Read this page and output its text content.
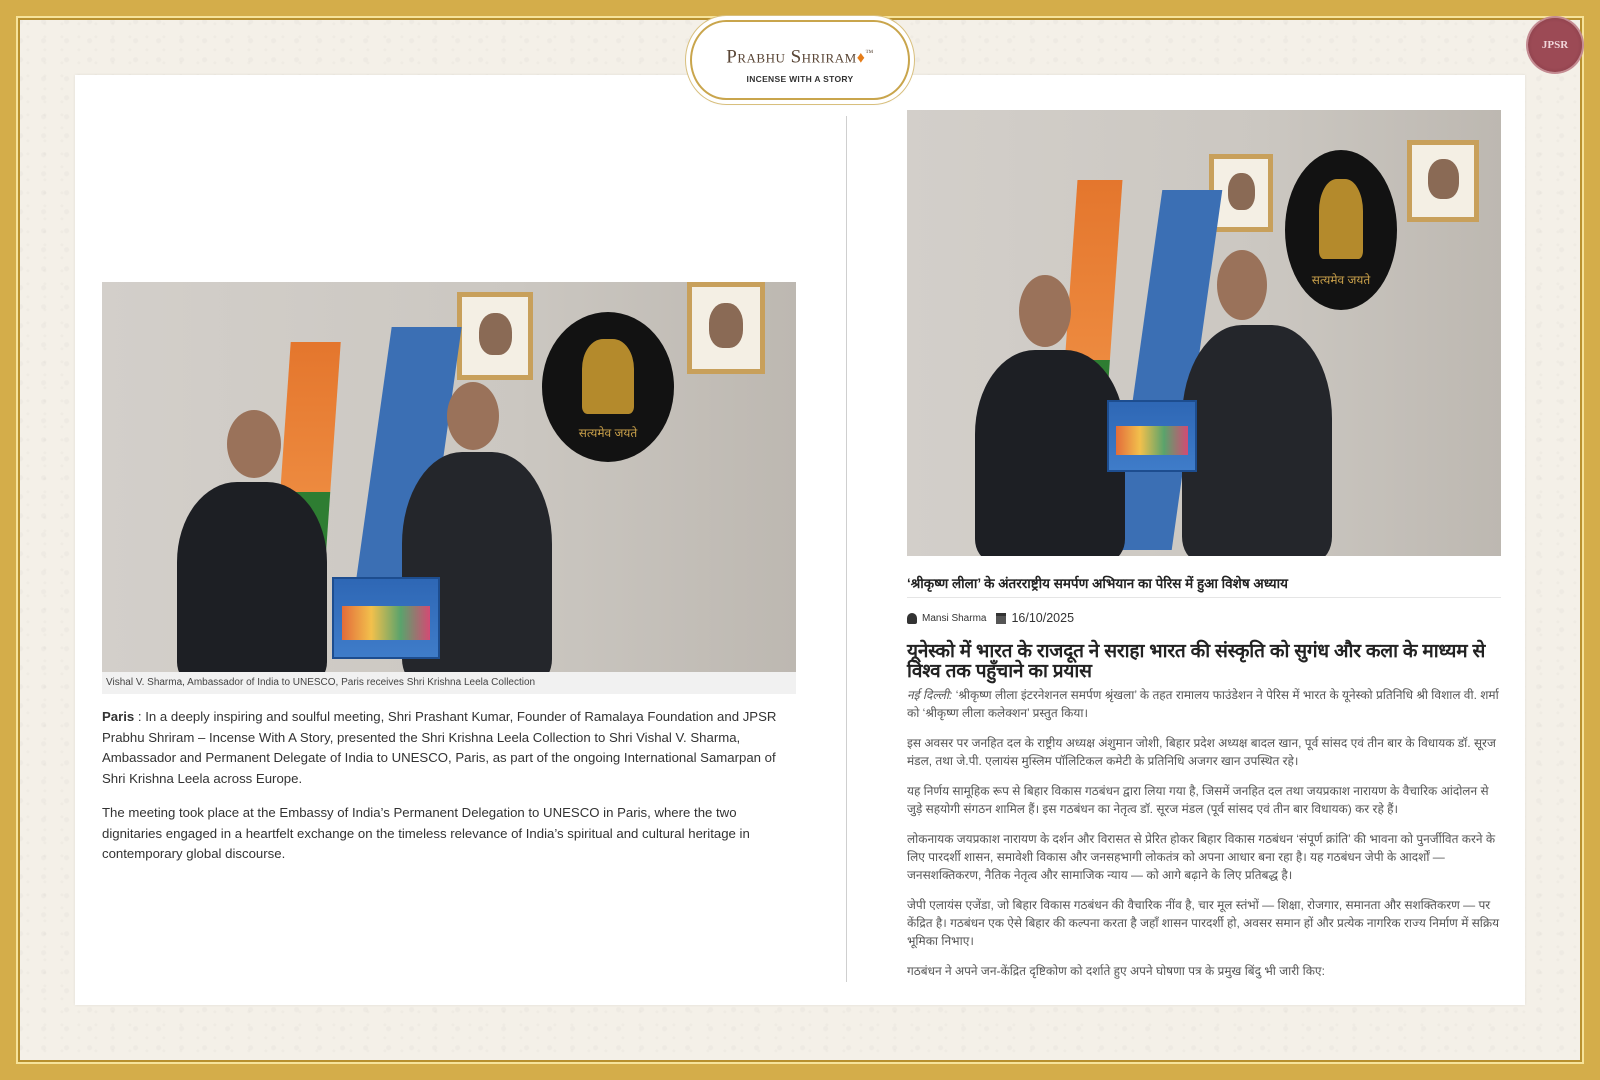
Prabhu Shriram♦™
INCENSE WITH A STORY
JPSR
सत्यमेव जयते
Vishal V. Sharma, Ambassador of India to UNESCO, Paris receives Shri Krishna Leela Collection

Paris : In a deeply inspiring and soulful meeting, Shri Prashant Kumar, Founder of Ramalaya Foundation and JPSR Prabhu Shriram – Incense With A Story, presented the Shri Krishna Leela Collection to Shri Vishal V. Sharma, Ambassador and Permanent Delegate of India to UNESCO, Paris, as part of the ongoing International Samarpan of Shri Krishna Leela across Europe.

The meeting took place at the Embassy of India’s Permanent Delegation to UNESCO in Paris, where the two dignitaries engaged in a heartfelt exchange on the timeless relevance of India’s spiritual and cultural heritage in contemporary global discourse.

सत्यमेव जयते
‘श्रीकृष्ण लीला’ के अंतरराष्ट्रीय समर्पण अभियान का पेरिस में हुआ विशेष अध्याय
Mansi Sharma 16/10/2025
यूनेस्को में भारत के राजदूत ने सराहा भारत की संस्कृति को सुगंध और कला के माध्यम से विश्व तक पहुँचाने का प्रयास

नई दिल्ली: ‘श्रीकृष्ण लीला इंटरनेशनल समर्पण श्रृंखला’ के तहत रामालय फाउंडेशन ने पेरिस में भारत के यूनेस्को प्रतिनिधि श्री विशाल वी. शर्मा को ‘श्रीकृष्ण लीला कलेक्शन’ प्रस्तुत किया।

इस अवसर पर जनहित दल के राष्ट्रीय अध्यक्ष अंशुमान जोशी, बिहार प्रदेश अध्यक्ष बादल खान, पूर्व सांसद एवं तीन बार के विधायक डॉ. सूरज मंडल, तथा जे.पी. एलायंस मुस्लिम पॉलिटिकल कमेटी के प्रतिनिधि अजगर खान उपस्थित रहे।

यह निर्णय सामूहिक रूप से बिहार विकास गठबंधन द्वारा लिया गया है, जिसमें जनहित दल तथा जयप्रकाश नारायण के वैचारिक आंदोलन से जुड़े सहयोगी संगठन शामिल हैं। इस गठबंधन का नेतृत्व डॉ. सूरज मंडल (पूर्व सांसद एवं तीन बार विधायक) कर रहे हैं।

लोकनायक जयप्रकाश नारायण के दर्शन और विरासत से प्रेरित होकर बिहार विकास गठबंधन ‘संपूर्ण क्रांति’ की भावना को पुनर्जीवित करने के लिए पारदर्शी शासन, समावेशी विकास और जनसहभागी लोकतंत्र को अपना आधार बना रहा है। यह गठबंधन जेपी के आदर्शों — जनसशक्तिकरण, नैतिक नेतृत्व और सामाजिक न्याय — को आगे बढ़ाने के लिए प्रतिबद्ध है।

जेपी एलायंस एजेंडा, जो बिहार विकास गठबंधन की वैचारिक नींव है, चार मूल स्तंभों — शिक्षा, रोजगार, समानता और सशक्तिकरण — पर केंद्रित है। गठबंधन एक ऐसे बिहार की कल्पना करता है जहाँ शासन पारदर्शी हो, अवसर समान हों और प्रत्येक नागरिक राज्य निर्माण में सक्रिय भूमिका निभाए।

गठबंधन ने अपने जन-केंद्रित दृष्टिकोण को दर्शाते हुए अपने घोषणा पत्र के प्रमुख बिंदु भी जारी किए:
